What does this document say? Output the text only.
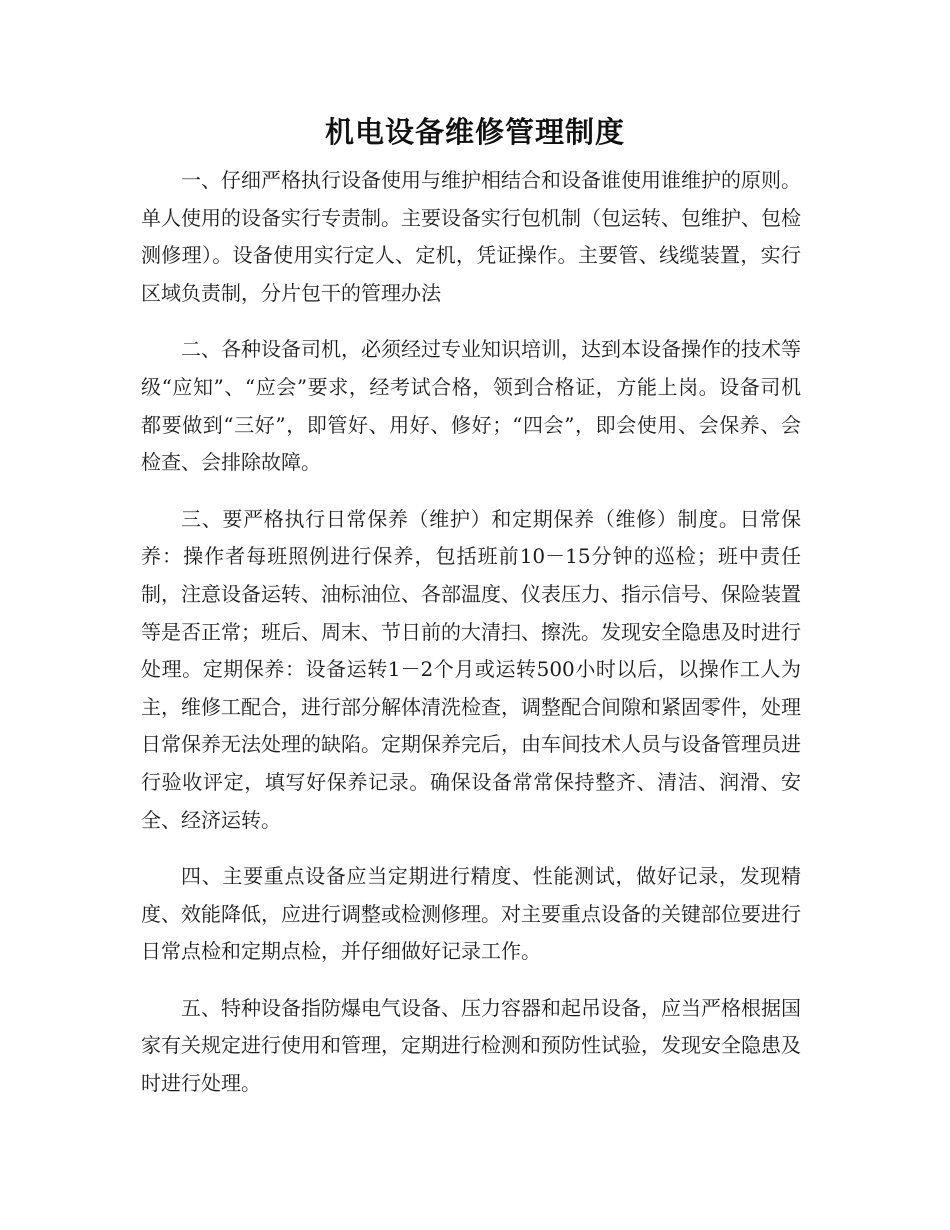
机电设备维修管理制度

一、仔细严格执行设备使用与维护相结合和设备谁使用谁维护的原则。单人使用的设备实行专责制。主要设备实行包机制（包运转、包维护、包检测修理）。设备使用实行定人、定机，凭证操作。主要管、线缆装置，实行区域负责制，分片包干的管理办法

二、各种设备司机，必须经过专业知识培训，达到本设备操作的技术等级“应知”、“应会”要求，经考试合格，领到合格证，方能上岗。设备司机都要做到“三好”，即管好、用好、修好；“四会”，即会使用、会保养、会检查、会排除故障。

三、要严格执行日常保养（维护）和定期保养（维修）制度。日常保养：操作者每班照例进行保养，包括班前10－15分钟的巡检；班中责任制，注意设备运转、油标油位、各部温度、仪表压力、指示信号、保险装置等是否正常；班后、周末、节日前的大清扫、擦洗。发现安全隐患及时进行处理。定期保养：设备运转1－2个月或运转500小时以后，以操作工人为主，维修工配合，进行部分解体清洗检查，调整配合间隙和紧固零件，处理日常保养无法处理的缺陷。定期保养完后，由车间技术人员与设备管理员进行验收评定，填写好保养记录。确保设备常常保持整齐、清洁、润滑、安全、经济运转。

四、主要重点设备应当定期进行精度、性能测试，做好记录，发现精度、效能降低，应进行调整或检测修理。对主要重点设备的关键部位要进行日常点检和定期点检，并仔细做好记录工作。

五、特种设备指防爆电气设备、压力容器和起吊设备，应当严格根据国家有关规定进行使用和管理，定期进行检测和预防性试验，发现安全隐患及时进行处理。
